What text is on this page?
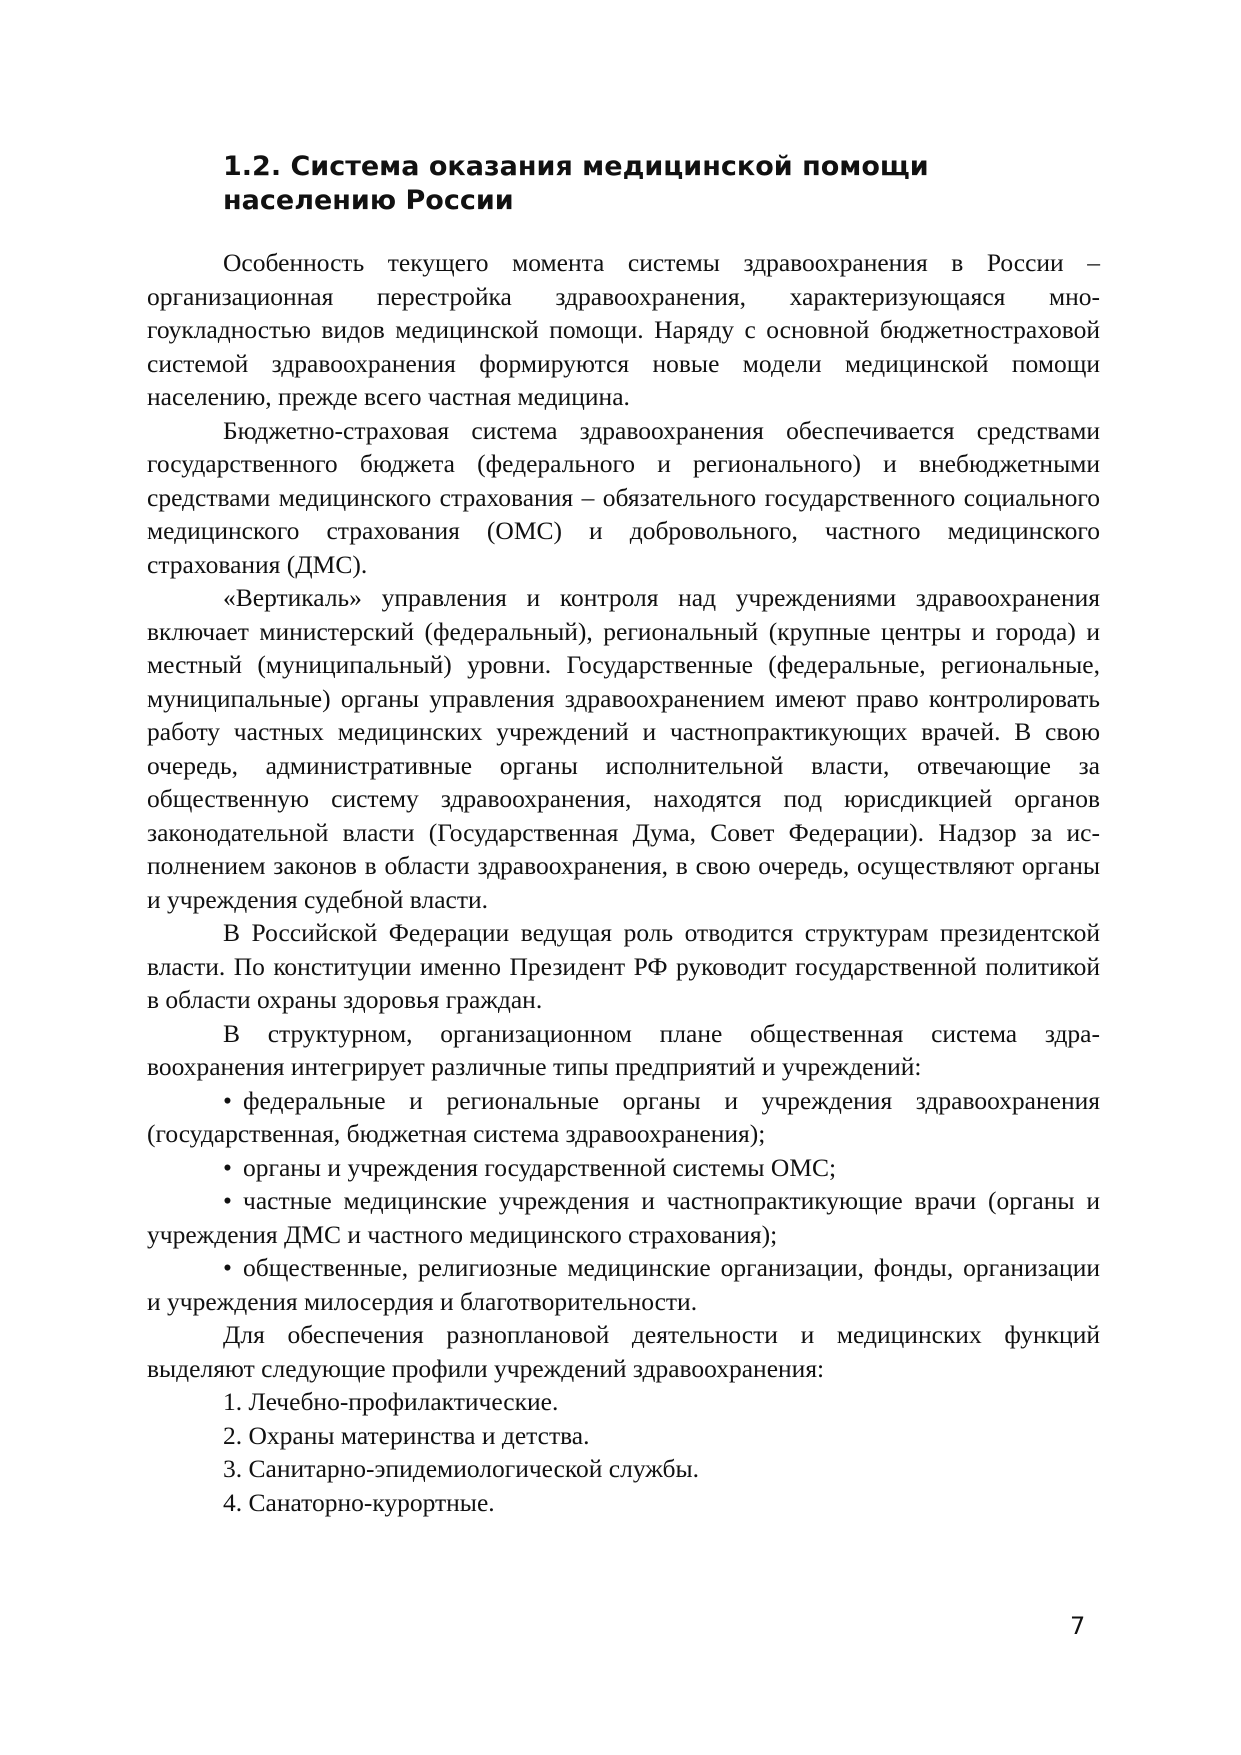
1.2. Система оказания медицинской помощи населению России

Особенность текущего момента системы здравоохранения в России – организационная перестройка здравоохранения, характеризующаяся многоукладностью видов медицинской помощи. Наряду с основной бюджетностраховой системой здравоохранения формируются новые модели медицинской помощи населению, прежде всего частная медицина.

Бюджетно-страховая система здравоохранения обеспечивается средствами государственного бюджета (федерального и регионального) и внебюджетными средствами медицинского страхования – обязательного государственного социального медицинского страхования (ОМС) и добровольного, частного медицинского страхования (ДМС).

«Вертикаль» управления и контроля над учреждениями здравоохранения включает министерский (федеральный), региональный (крупные центры и города) и местный (муниципальный) уровни. Государственные (федеральные, региональные, муниципальные) органы управления здравоохранением имеют право контролировать работу частных медицинских учреждений и частнопрактикующих врачей. В свою очередь, административные органы исполнительной власти, отвечающие за общественную систему здравоохранения, находятся под юрисдикцией органов законодательной власти (Государственная Дума, Совет Федерации). Надзор за исполнением законов в области здравоохранения, в свою очередь, осуществляют органы и учреждения судебной власти.

В Российской Федерации ведущая роль отводится структурам президентской власти. По конституции именно Президент РФ руководит государственной политикой в области охраны здоровья граждан.

В структурном, организационном плане общественная система здравоохранения интегрирует различные типы предприятий и учреждений:

• федеральные и региональные органы и учреждения здравоохранения (государственная, бюджетная система здравоохранения);

• органы и учреждения государственной системы ОМС;

• частные медицинские учреждения и частнопрактикующие врачи (органы и учреждения ДМС и частного медицинского страхования);

• общественные, религиозные медицинские организации, фонды, организации и учреждения милосердия и благотворительности.

Для обеспечения разноплановой деятельности и медицинских функций выделяют следующие профили учреждений здравоохранения:

1. Лечебно-профилактические.

2. Охраны материнства и детства.

3. Санитарно-эпидемиологической службы.

4. Санаторно-курортные.

7
